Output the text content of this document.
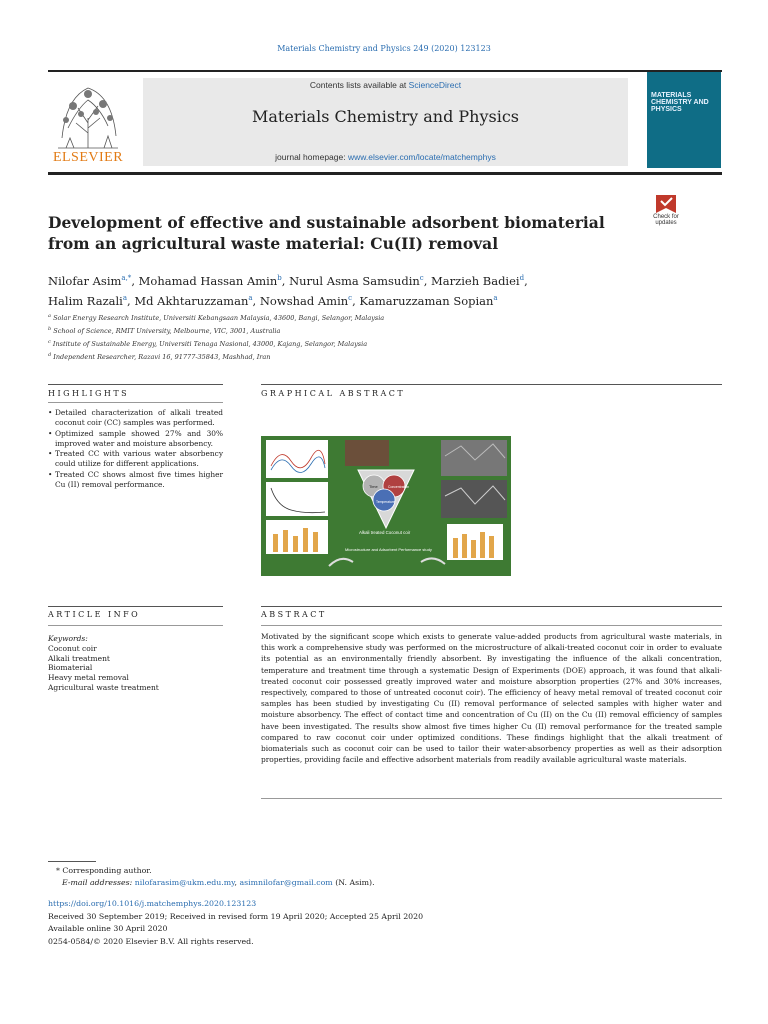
Materials Chemistry and Physics 249 (2020) 123123
ELSEVIER
Contents lists available at ScienceDirect
Materials Chemistry and Physics
journal homepage: www.elsevier.com/locate/matchemphys
MATERIALS CHEMISTRY AND PHYSICS
Development of effective and sustainable adsorbent biomaterial from an agricultural waste material: Cu(II) removal
Check for updates
Nilofar Asim$^{a,*}$, Mohamad Hassan Amin$^b$, Nurul Asma Samsudin$^c$, Marzieh Badiei$^d$,
Halim Razali$^a$, Md Akhtaruzzaman$^a$, Nowshad Amin$^c$, Kamaruzzaman Sopian$^a$
$^a$ Solar Energy Research Institute, Universiti Kebangsaan Malaysia, 43600, Bangi, Selangor, Malaysia
$^b$ School of Science, RMIT University, Melbourne, VIC, 3001, Australia
$^c$ Institute of Sustainable Energy, Universiti Tenaga Nasional, 43000, Kajang, Selangor, Malaysia
$^d$ Independent Researcher, Razavi 16, 91777-35843, Mashhad, Iran
HIGHLIGHTS	GRAPHICAL ABSTRACT
• Detailed characterization of alkali treated coconut coir (CC) samples was performed.
• Optimized sample showed 27% and 30% improved water and moisture absorbency.
• Treated CC with various water absorbency could utilize for different applications.
• Treated CC shows almost five times higher Cu (II) removal performance.	Time	Concentration
Temperature
Alkali treated Coconut coir
Microstructure and Adsorbent Performance study
ARTICLE INFO	ABSTRACT
Keywords:
Coconut coir
Alkali treatment
Biomaterial
Heavy metal removal
Agricultural waste treatment
Motivated by the significant scope which exists to generate value-added products from agricultural waste materials, in this work a comprehensive study was performed on the microstructure of alkali-treated coconut coir in order to evaluate its potential as an environmentally friendly absorbent. By investigating the influence of the alkali concentration, temperature and treatment time through a systematic Design of Experiments (DOE) approach, it was found that alkali-treated coconut coir possessed greatly improved water and moisture absorption properties (27% and 30% increases, respectively, compared to those of untreated coconut coir). The efficiency of heavy metal removal of treated coconut coir samples has been studied by investigating Cu (II) removal performance of selected samples with higher water and moisture absorbency. The effect of contact time and concentration of Cu (II) on the Cu (II) removal efficiency of samples have been investigated. The results show almost five times higher Cu (II) removal performance for the treated sample compared to raw coconut coir under optimized conditions. These findings highlight that the alkali treatment of biomaterials such as coconut coir can be used to tailor their water-absorbency properties as well as their adsorption properties, providing facile and effective adsorbent materials from readily available agricultural waste materials.
* Corresponding author.
E-mail addresses: nilofarasim@ukm.edu.my, asimnilofar@gmail.com (N. Asim).
https://doi.org/10.1016/j.matchemphys.2020.123123
Received 30 September 2019; Received in revised form 19 April 2020; Accepted 25 April 2020
Available online 30 April 2020
0254-0584/© 2020 Elsevier B.V. All rights reserved.
